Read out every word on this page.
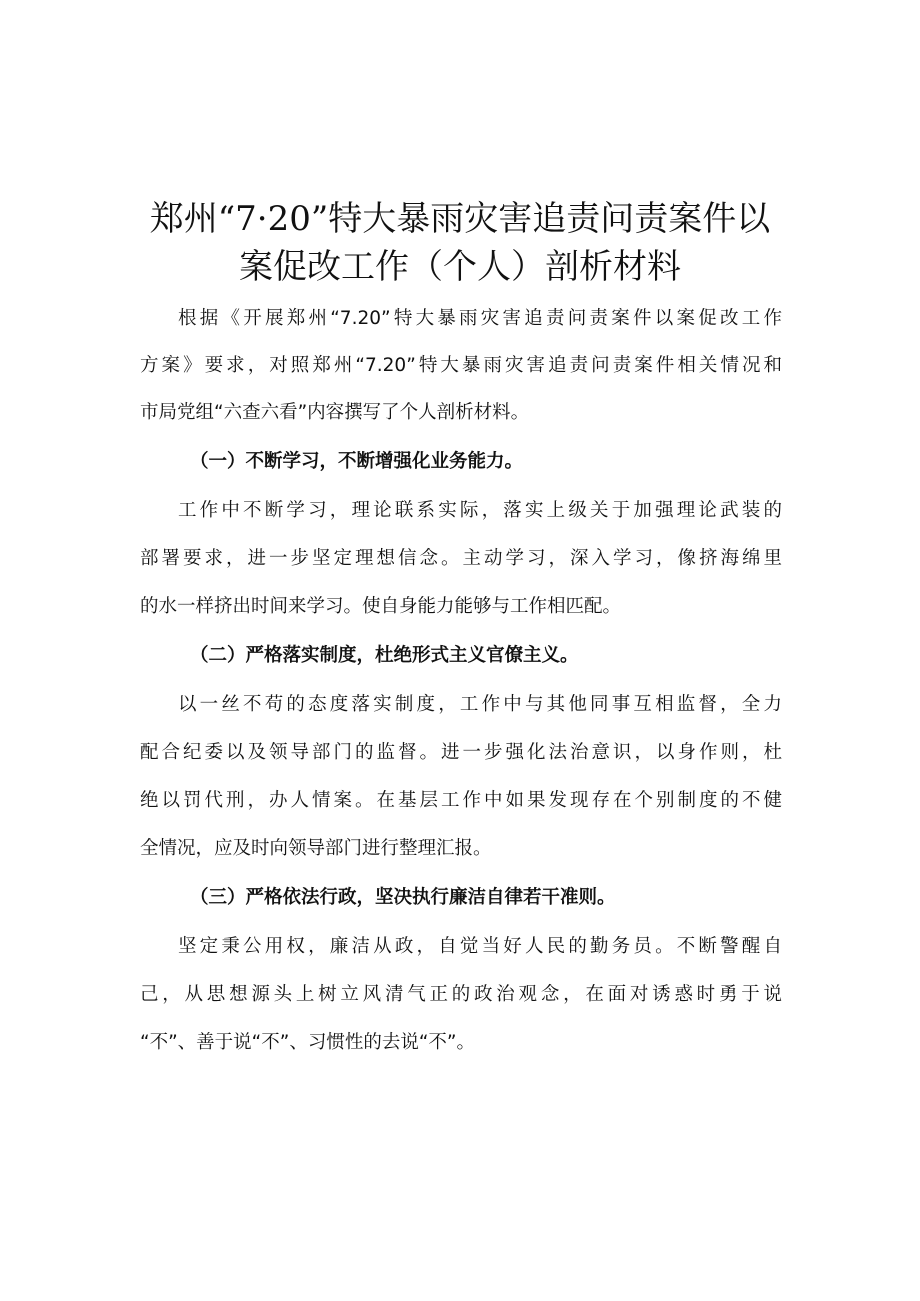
郑州“7·20”特大暴雨灾害追责问责案件以
案促改工作（个人）剖析材料

根据《开展郑州“7.20”特大暴雨灾害追责问责案件以案促改工作

方案》要求，对照郑州“7.20”特大暴雨灾害追责问责案件相关情况和

市局党组“六查六看”内容撰写了个人剖析材料。

（一）不断学习，不断增强化业务能力。

工作中不断学习，理论联系实际，落实上级关于加强理论武装的

部署要求，进一步坚定理想信念。主动学习，深入学习，像挤海绵里

的水一样挤出时间来学习。使自身能力能够与工作相匹配。

（二）严格落实制度，杜绝形式主义官僚主义。

以一丝不苟的态度落实制度，工作中与其他同事互相监督，全力

配合纪委以及领导部门的监督。进一步强化法治意识，以身作则，杜

绝以罚代刑，办人情案。在基层工作中如果发现存在个别制度的不健

全情况，应及时向领导部门进行整理汇报。

（三）严格依法行政，坚决执行廉洁自律若干准则。

坚定秉公用权，廉洁从政，自觉当好人民的勤务员。不断警醒自

己，从思想源头上树立风清气正的政治观念，在面对诱惑时勇于说

“不”、善于说“不”、习惯性的去说“不”。
